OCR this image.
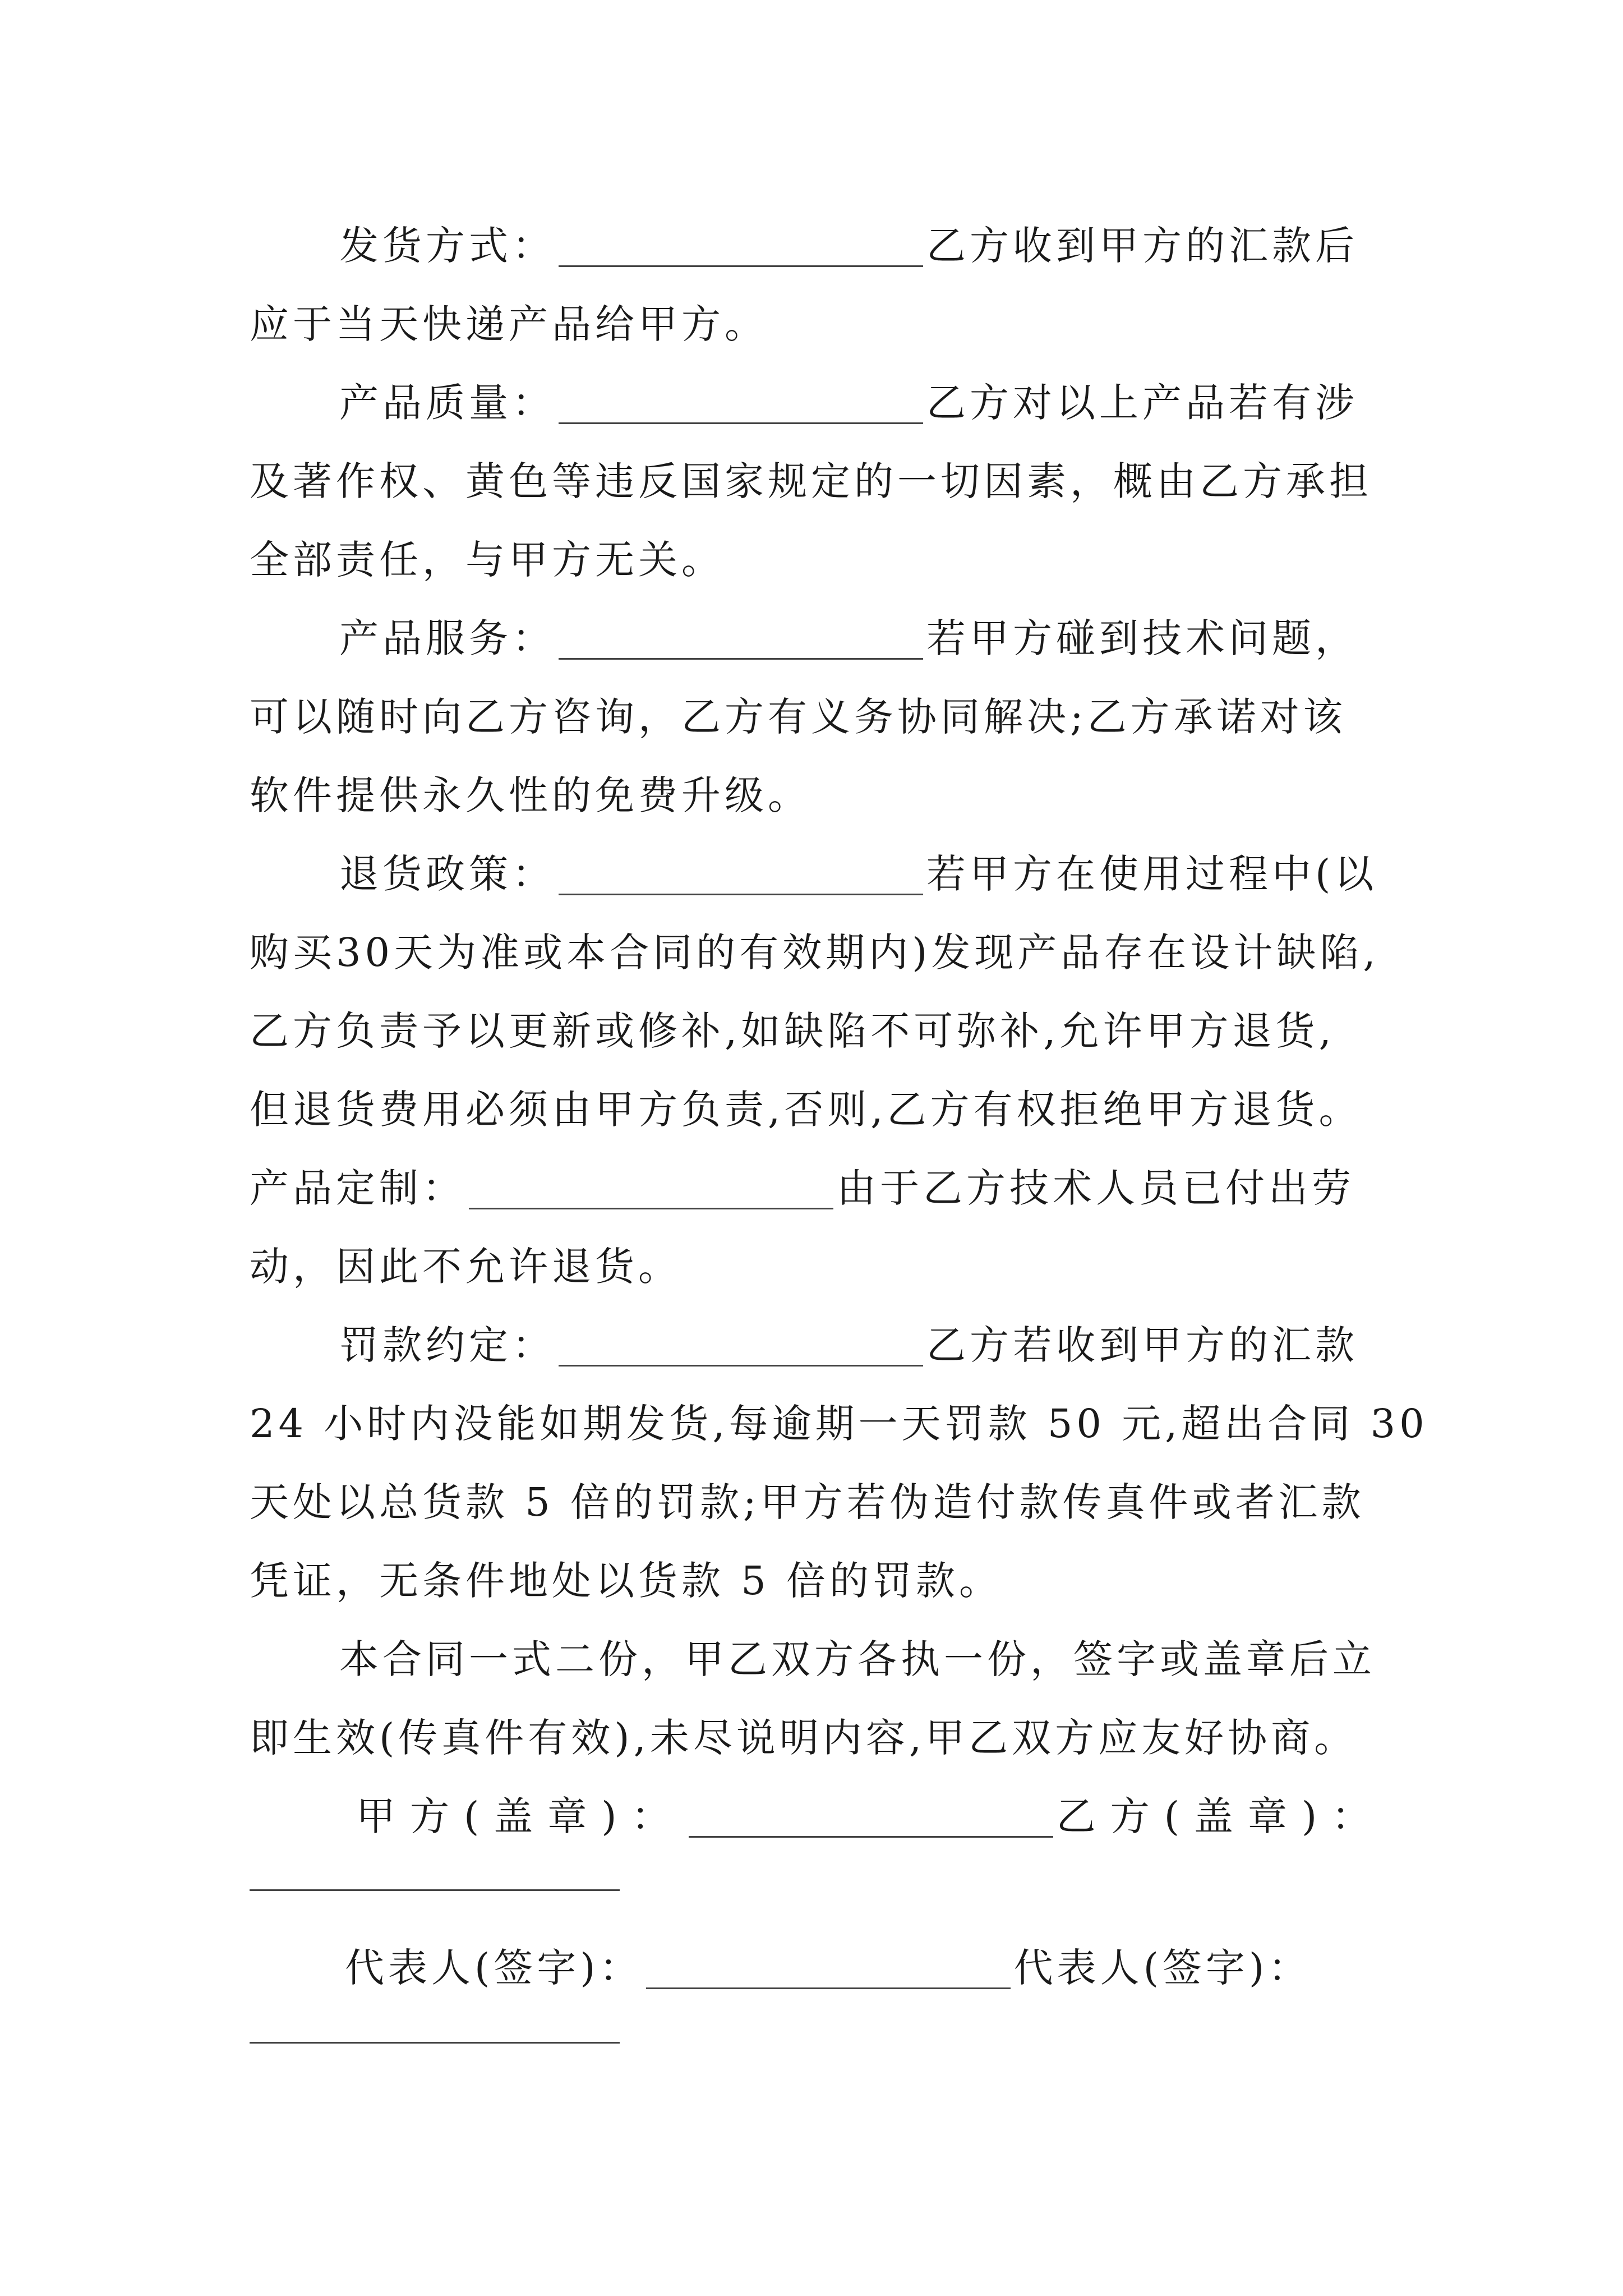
发货方式：	乙方收到甲方的汇款后
应于当天快递产品给甲方。
产品质量：	乙方对以上产品若有涉
及著作权、黄色等违反国家规定的一切因素，概由乙方承担
全部责任，与甲方无关。
产品服务：	若甲方碰到技术问题，
可以随时向乙方咨询，乙方有义务协同解决;乙方承诺对该
软件提供永久性的免费升级。
退货政策：	若甲方在使用过程中(以
购买30天为准或本合同的有效期内)发现产品存在设计缺陷,
乙方负责予以更新或修补,如缺陷不可弥补,允许甲方退货,
但退货费用必须由甲方负责,否则,乙方有权拒绝甲方退货。
产品定制：	由于乙方技术人员已付出劳
动，因此不允许退货。
罚款约定：	乙方若收到甲方的汇款
24 小时内没能如期发货,每逾期一天罚款 50 元,超出合同 30
天处以总货款 5 倍的罚款;甲方若伪造付款传真件或者汇款
凭证，无条件地处以货款 5 倍的罚款。
本合同一式二份，甲乙双方各执一份，签字或盖章后立
即生效(传真件有效),未尽说明内容,甲乙双方应友好协商。
甲方(盖章)：	乙方(盖章)：
代表人(签字)：	代表人(签字)：
